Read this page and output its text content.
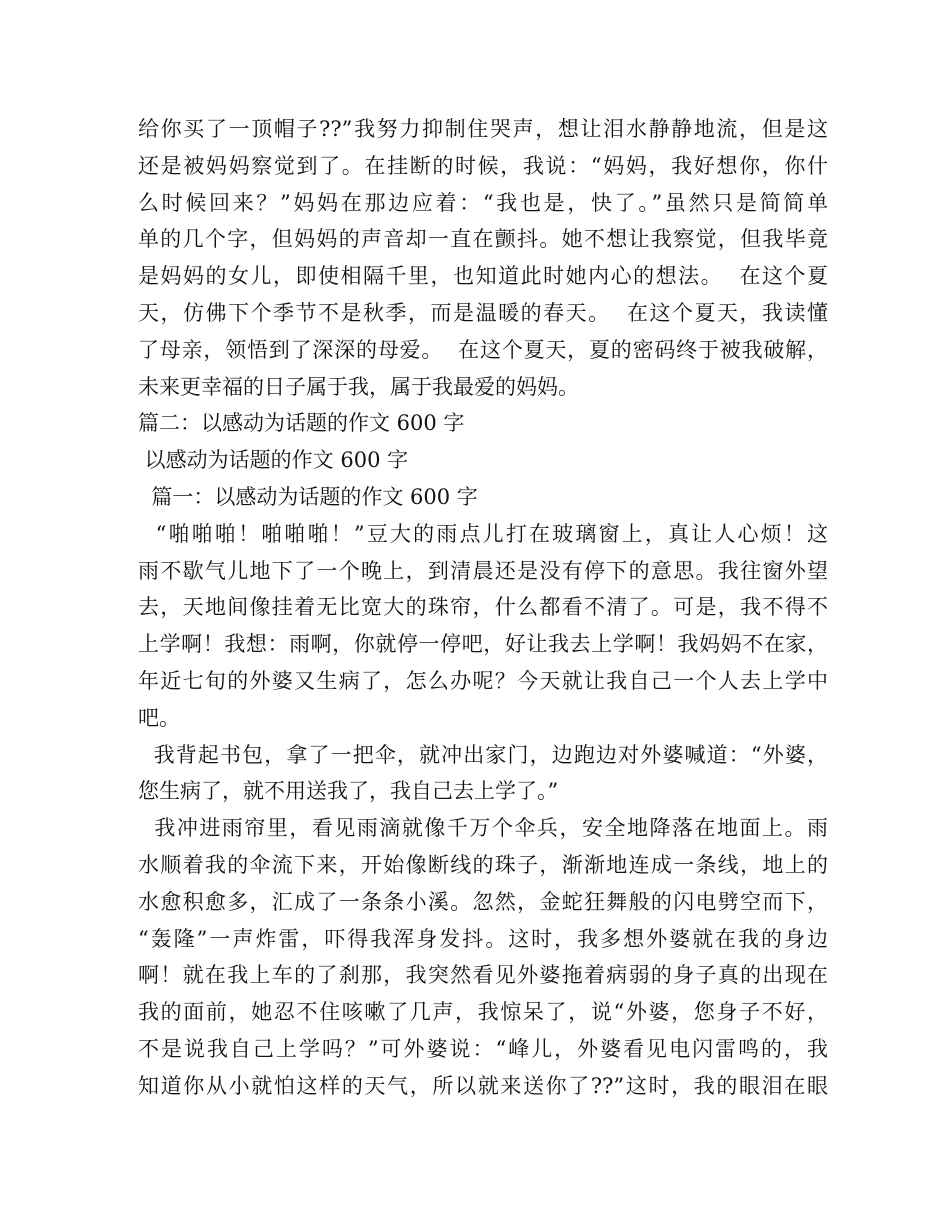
给你买了一顶帽子??”我努力抑制住哭声，想让泪水静静地流，但是这
还是被妈妈察觉到了。在挂断的时候，我说：“妈妈，我好想你，你什
么时候回来？”妈妈在那边应着：“我也是，快了。”虽然只是简简单
单的几个字，但妈妈的声音却一直在颤抖。她不想让我察觉，但我毕竟
是妈妈的女儿，即使相隔千里，也知道此时她内心的想法。  在这个夏
天，仿佛下个季节不是秋季，而是温暖的春天。  在这个夏天，我读懂
了母亲，领悟到了深深的母爱。  在这个夏天，夏的密码终于被我破解，
未来更幸福的日子属于我，属于我最爱的妈妈。
篇二：以感动为话题的作文 600 字
以感动为话题的作文 600 字
篇一：以感动为话题的作文 600 字
“啪啪啪！啪啪啪！”豆大的雨点儿打在玻璃窗上，真让人心烦！这
雨不歇气儿地下了一个晚上，到清晨还是没有停下的意思。我往窗外望
去，天地间像挂着无比宽大的珠帘，什么都看不清了。可是，我不得不
上学啊！我想：雨啊，你就停一停吧，好让我去上学啊！我妈妈不在家，
年近七旬的外婆又生病了，怎么办呢？今天就让我自己一个人去上学中
吧。
我背起书包，拿了一把伞，就冲出家门，边跑边对外婆喊道：“外婆，
您生病了，就不用送我了，我自己去上学了。”
我冲进雨帘里，看见雨滴就像千万个伞兵，安全地降落在地面上。雨
水顺着我的伞流下来，开始像断线的珠子，渐渐地连成一条线，地上的
水愈积愈多，汇成了一条条小溪。忽然，金蛇狂舞般的闪电劈空而下，
“轰隆”一声炸雷，吓得我浑身发抖。这时，我多想外婆就在我的身边
啊！就在我上车的了刹那，我突然看见外婆拖着病弱的身子真的出现在
我的面前，她忍不住咳嗽了几声，我惊呆了，说“外婆，您身子不好，
不是说我自己上学吗？”可外婆说：“峰儿，外婆看见电闪雷鸣的，我
知道你从小就怕这样的天气，所以就来送你了??”这时，我的眼泪在眼
